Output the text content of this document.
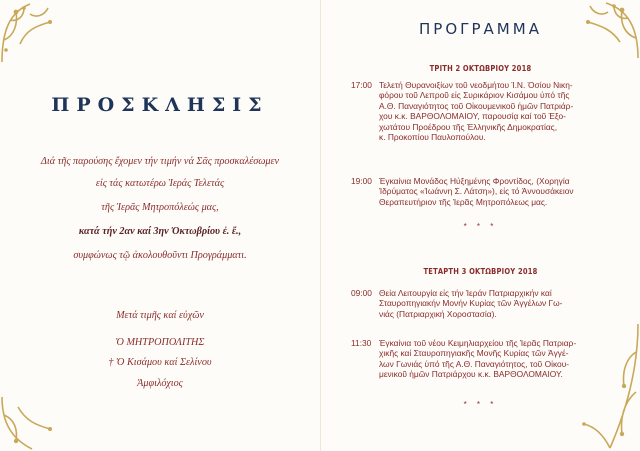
ΠΡΟΣΚΛΗΣΙΣ
Διά τῆς παρούσης ἔχομεν τήν τιμήν νά Σᾶς προσκαλέσωμεν
εἰς τάς κατωτέρω Ἱεράς Τελετάς
τῆς Ἱερᾶς Μητροπόλεώς μας,
κατά τήν 2αν καί 3ην Ὀκτωβρίου ἐ. ἔ.,
συμφώνως τῷ ἀκολουθοῦντι Προγράμματι.
Μετά τιμῆς καί εὐχῶν
Ὁ ΜΗΤΡΟΠΟΛΙΤΗΣ
† Ὁ Κισάμου καί Σελίνου
Ἀμφιλόχιος
ΠΡΟΓΡΑΜΜΑ
ΤΡΙΤΗ 2 ΟΚΤΩΒΡΙΟΥ 2018
17:00 Τελετή Θυρανοιξίων τοῦ νεοδμήτου Ἱ.Ν. Ὁσίου Νικη-
φόρου τοῦ Λεπροῦ εἰς Συρικάριον Κισάμου ὑπό τῆς
Α.Θ. Παναγιότητος τοῦ Οἰκουμενικοῦ ἡμῶν Πατριάρ-
χου κ.κ. ΒΑΡΘΟΛΟΜΑΙΟΥ, παρουσίᾳ καί τοῦ Ἐξο-
χωτάτου Προέδρου τῆς Ἑλληνικῆς Δημοκρατίας,
κ. Προκοπίου Παυλοπούλου.
19:00 Ἐγκαίνια Μονάδος Ηὐξημένης Φροντίδος, (Χορηγία
Ἱδρύματος «Ἰωάννη Σ. Λάτση»), εἰς τό Ἀννουσάκειον
Θεραπευτήριον τῆς Ἱερᾶς Μητροπόλεως μας.
* * *
ΤΕΤΑΡΤΗ 3 ΟΚΤΩΒΡΙΟΥ 2018
09:00 Θεία Λειτουργία εἰς τήν Ἱεράν Πατριαρχικήν καί
Σταυροπηγιακήν Μονήν Κυρίας τῶν Ἀγγέλων Γω-
νιάς (Πατριαρχική Χοροστασία).
11:30 Ἐγκαίνια τοῦ νέου Κειμηλιαρχείου τῆς Ἱερᾶς Πατριαρ-
χικῆς καί Σταυροπηγιακῆς Μονῆς Κυρίας τῶν Ἀγγέ-
λων Γωνιάς ὑπό τῆς Α.Θ. Παναγιότητος, τοῦ Οἰκου-
μενικοῦ ἡμῶν Πατριάρχου κ.κ. ΒΑΡΘΟΛΟΜΑΙΟΥ.
* * *
